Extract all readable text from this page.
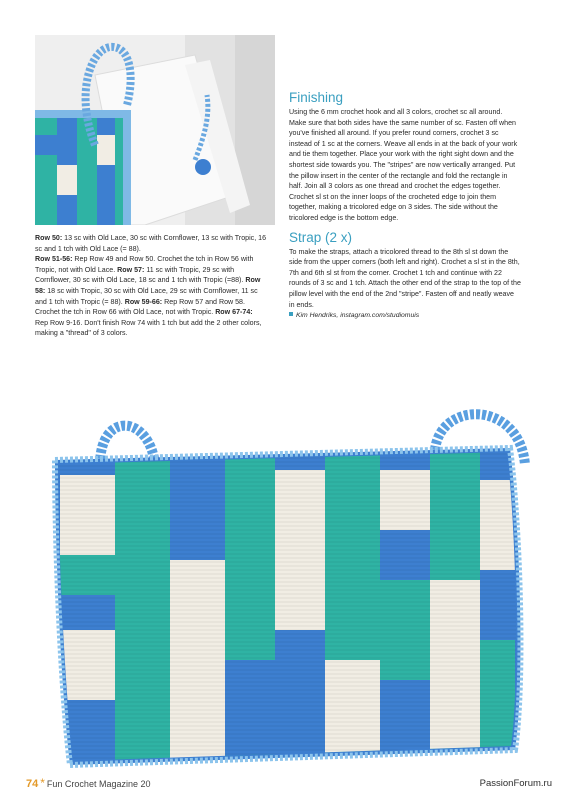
Row 50: 13 sc with Old Lace, 30 sc with Cornflower, 13 sc with Tropic, 16 sc and 1 tch with Old Lace (= 88).

Row 51-56: Rep Row 49 and Row 50. Crochet the tch in Row 56 with Tropic, not with Old Lace. Row 57: 11 sc with Tropic, 29 sc with Cornflower, 30 sc with Old Lace, 18 sc and 1 tch with Tropic (=88). Row 58: 18 sc with Tropic, 30 sc with Old Lace, 29 sc with Cornflower, 11 sc and 1 tch with Tropic (= 88). Row 59-66: Rep Row 57 and Row 58. Crochet the tch in Row 66 with Old Lace, not with Tropic. Row 67-74: Rep Row 9-16. Don't finish Row 74 with 1 tch but add the 2 other colors, making a "thread" of 3 colors.

Finishing

Using the 6 mm crochet hook and all 3 colors, crochet sc all around. Make sure that both sides have the same number of sc. Fasten off when you've finished all around. If you prefer round corners, crochet 3 sc instead of 1 sc at the corners. Weave all ends in at the back of your work and tie them together. Place your work with the right sight down and the shortest side towards you. The "stripes" are now vertically arranged. Put the pillow insert in the center of the rectangle and fold the rectangle in half. Join all 3 colors as one thread and crochet the edges together. Crochet sl st on the inner loops of the crocheted edge to join them together, making a tricolored edge on 3 sides. The side without the tricolored edge is the bottom edge.

Strap (2 x)

To make the straps, attach a tricolored thread to the 8th sl st down the side from the upper corners (both left and right). Crochet a sl st in the 8th, 7th and 6th sl st from the corner. Crochet 1 tch and continue with 22 rounds of 3 sc and 1 tch. Attach the other end of the strap to the top of the pillow level with the end of the 2nd "stripe". Fasten off and neatly weave in ends.

Kim Hendriks, instagram.com/studiomuis
74 * Fun Crochet Magazine 20	PassionForum.ru
